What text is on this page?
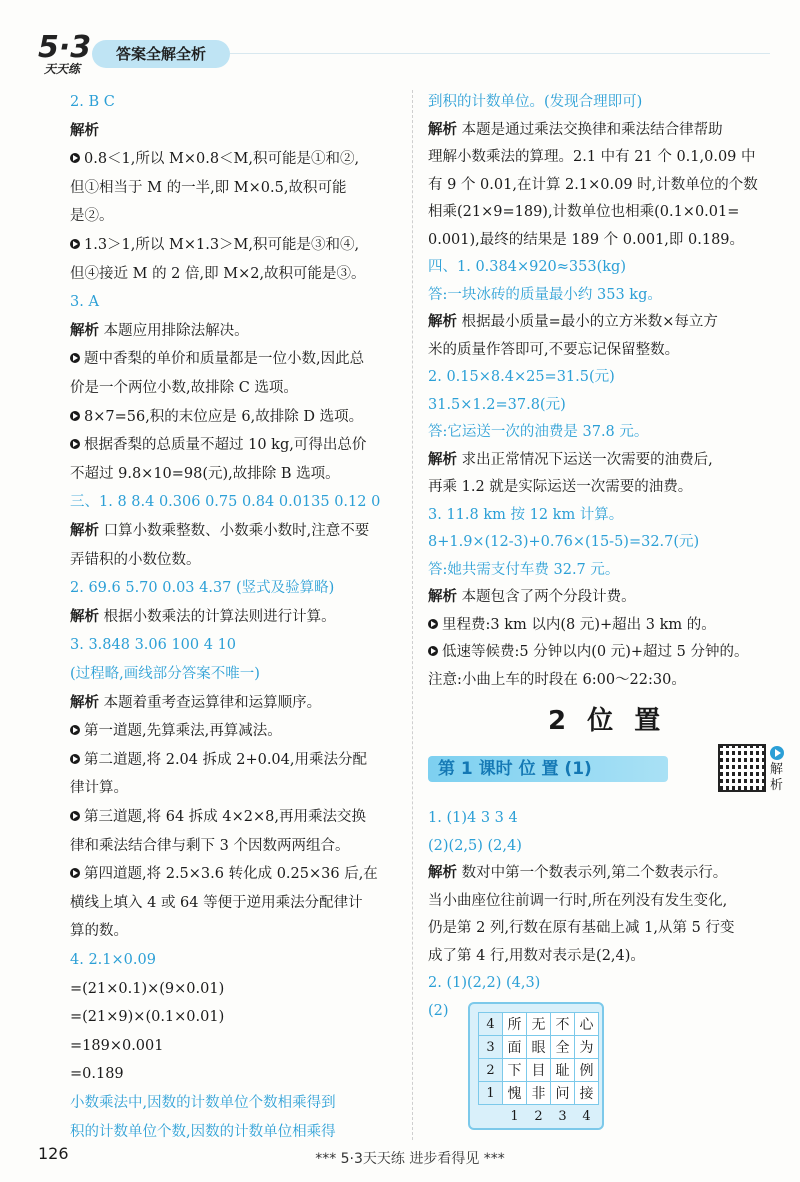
5·3
天天练
答案全解全析
2. B C
解析
0.8＜1,所以 M×0.8＜M,积可能是①和②,
但①相当于 M 的一半,即 M×0.5,故积可能
是②。
1.3＞1,所以 M×1.3＞M,积可能是③和④,
但④接近 M 的 2 倍,即 M×2,故积可能是③。
3. A
解析 本题应用排除法解决。
题中香梨的单价和质量都是一位小数,因此总
价是一个两位小数,故排除 C 选项。
8×7=56,积的末位应是 6,故排除 D 选项。
根据香梨的总质量不超过 10 kg,可得出总价
不超过 9.8×10=98(元),故排除 B 选项。
三、1. 8 8.4 0.306 0.75 0.84 0.0135 0.12 0
解析 口算小数乘整数、小数乘小数时,注意不要
弄错积的小数位数。
2. 69.6 5.70 0.03 4.37 (竖式及验算略)
解析 根据小数乘法的计算法则进行计算。
3. 3.848 3.06 100 4 10
(过程略,画线部分答案不唯一)
解析 本题着重考查运算律和运算顺序。
第一道题,先算乘法,再算减法。
第二道题,将 2.04 拆成 2+0.04,用乘法分配
律计算。
第三道题,将 64 拆成 4×2×8,再用乘法交换
律和乘法结合律与剩下 3 个因数两两组合。
第四道题,将 2.5×3.6 转化成 0.25×36 后,在
横线上填入 4 或 64 等便于逆用乘法分配律计
算的数。
4. 2.1×0.09
=(21×0.1)×(9×0.01)
=(21×9)×(0.1×0.01)
=189×0.001
=0.189
小数乘法中,因数的计数单位个数相乘得到
积的计数单位个数,因数的计数单位相乘得
到积的计数单位。(发现合理即可)
解析 本题是通过乘法交换律和乘法结合律帮助
理解小数乘法的算理。2.1 中有 21 个 0.1,0.09 中
有 9 个 0.01,在计算 2.1×0.09 时,计数单位的个数
相乘(21×9=189),计数单位也相乘(0.1×0.01=
0.001),最终的结果是 189 个 0.001,即 0.189。
四、1. 0.384×920≈353(kg)
答:一块冰砖的质量最小约 353 kg。
解析 根据最小质量=最小的立方米数×每立方
米的质量作答即可,不要忘记保留整数。
2. 0.15×8.4×25=31.5(元)
31.5×1.2=37.8(元)
答:它运送一次的油费是 37.8 元。
解析 求出正常情况下运送一次需要的油费后,
再乘 1.2 就是实际运送一次需要的油费。
3. 11.8 km 按 12 km 计算。
8+1.9×(12-3)+0.76×(15-5)=32.7(元)
答:她共需支付车费 32.7 元。
解析 本题包含了两个分段计费。
里程费:3 km 以内(8 元)+超出 3 km 的。
低速等候费:5 分钟以内(0 元)+超过 5 分钟的。
注意:小曲上车的时段在 6:00～22:30。
2 位 置
第 1 课时 位 置 (1)	解析
1. (1)4 3 3 4
(2)(2,5) (2,4)
解析 数对中第一个数表示列,第二个数表示行。
当小曲座位往前调一行时,所在列没有发生变化,
仍是第 2 列,行数在原有基础上减 1,从第 5 行变
成了第 4 行,用数对表示是(2,4)。
2. (1)(2,2) (4,3)
(2)
4	所	无	不	心
3	面	眼	全	为
2	下	目	耻	例
1	愧	非	问	接
	1	2	3	4
126	*** 5·3天天练 进步看得见 ***
